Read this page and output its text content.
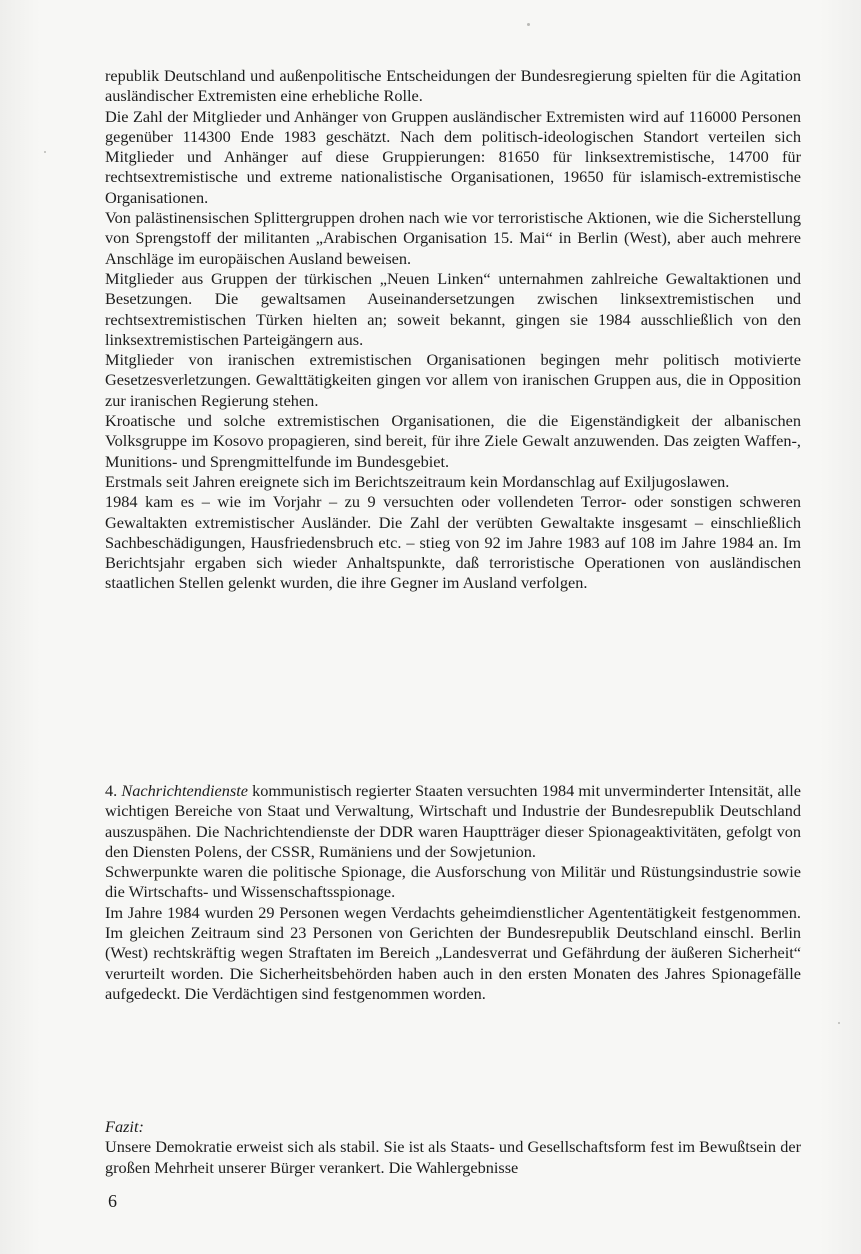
republik Deutschland und außenpolitische Entscheidungen der Bundesregierung spielten für die Agitation ausländischer Extremisten eine erhebliche Rolle.

Die Zahl der Mitglieder und Anhänger von Gruppen ausländischer Extremisten wird auf 116000 Personen gegenüber 114300 Ende 1983 geschätzt. Nach dem politisch-ideologischen Standort verteilen sich Mitglieder und Anhänger auf diese Gruppierungen: 81650 für linksextremistische, 14700 für rechtsextremistische und extreme nationalistische Organisationen, 19650 für islamisch-extremistische Organisationen.

Von palästinensischen Splittergruppen drohen nach wie vor terroristische Aktionen, wie die Sicherstellung von Sprengstoff der militanten „Arabischen Organisation 15. Mai“ in Berlin (West), aber auch mehrere Anschläge im europäischen Ausland beweisen.

Mitglieder aus Gruppen der türkischen „Neuen Linken“ unternahmen zahlreiche Gewaltaktionen und Besetzungen. Die gewaltsamen Auseinandersetzungen zwischen linksextremistischen und rechtsextremistischen Türken hielten an; soweit bekannt, gingen sie 1984 ausschließlich von den linksextremistischen Parteigängern aus.

Mitglieder von iranischen extremistischen Organisationen begingen mehr politisch motivierte Gesetzesverletzungen. Gewalttätigkeiten gingen vor allem von iranischen Gruppen aus, die in Opposition zur iranischen Regierung stehen.

Kroatische und solche extremistischen Organisationen, die die Eigenständigkeit der albanischen Volksgruppe im Kosovo propagieren, sind bereit, für ihre Ziele Gewalt anzuwenden. Das zeigten Waffen-, Munitions- und Sprengmittelfunde im Bundesgebiet.

Erstmals seit Jahren ereignete sich im Berichtszeitraum kein Mordanschlag auf Exiljugoslawen.

1984 kam es – wie im Vorjahr – zu 9 versuchten oder vollendeten Terror- oder sonstigen schweren Gewaltakten extremistischer Ausländer. Die Zahl der verübten Gewaltakte insgesamt – einschließlich Sachbeschädigungen, Hausfriedensbruch etc. – stieg von 92 im Jahre 1983 auf 108 im Jahre 1984 an. Im Berichtsjahr ergaben sich wieder Anhaltspunkte, daß terroristische Operationen von ausländischen staatlichen Stellen gelenkt wurden, die ihre Gegner im Ausland verfolgen.

4. Nachrichtendienste kommunistisch regierter Staaten versuchten 1984 mit unverminderter Intensität, alle wichtigen Bereiche von Staat und Verwaltung, Wirtschaft und Industrie der Bundesrepublik Deutschland auszuspähen. Die Nachrichtendienste der DDR waren Hauptträger dieser Spionageaktivitäten, gefolgt von den Diensten Polens, der CSSR, Rumäniens und der Sowjetunion.

Schwerpunkte waren die politische Spionage, die Ausforschung von Militär und Rüstungsindustrie sowie die Wirtschafts- und Wissenschaftsspionage.

Im Jahre 1984 wurden 29 Personen wegen Verdachts geheimdienstlicher Agententätigkeit festgenommen. Im gleichen Zeitraum sind 23 Personen von Gerichten der Bundesrepublik Deutschland einschl. Berlin (West) rechtskräftig wegen Straftaten im Bereich „Landesverrat und Gefährdung der äußeren Sicherheit“ verurteilt worden. Die Sicherheitsbehörden haben auch in den ersten Monaten des Jahres Spionagefälle aufgedeckt. Die Verdächtigen sind festgenommen worden.

Fazit:

Unsere Demokratie erweist sich als stabil. Sie ist als Staats- und Gesellschaftsform fest im Bewußtsein der großen Mehrheit unserer Bürger verankert. Die Wahlergebnisse

6
